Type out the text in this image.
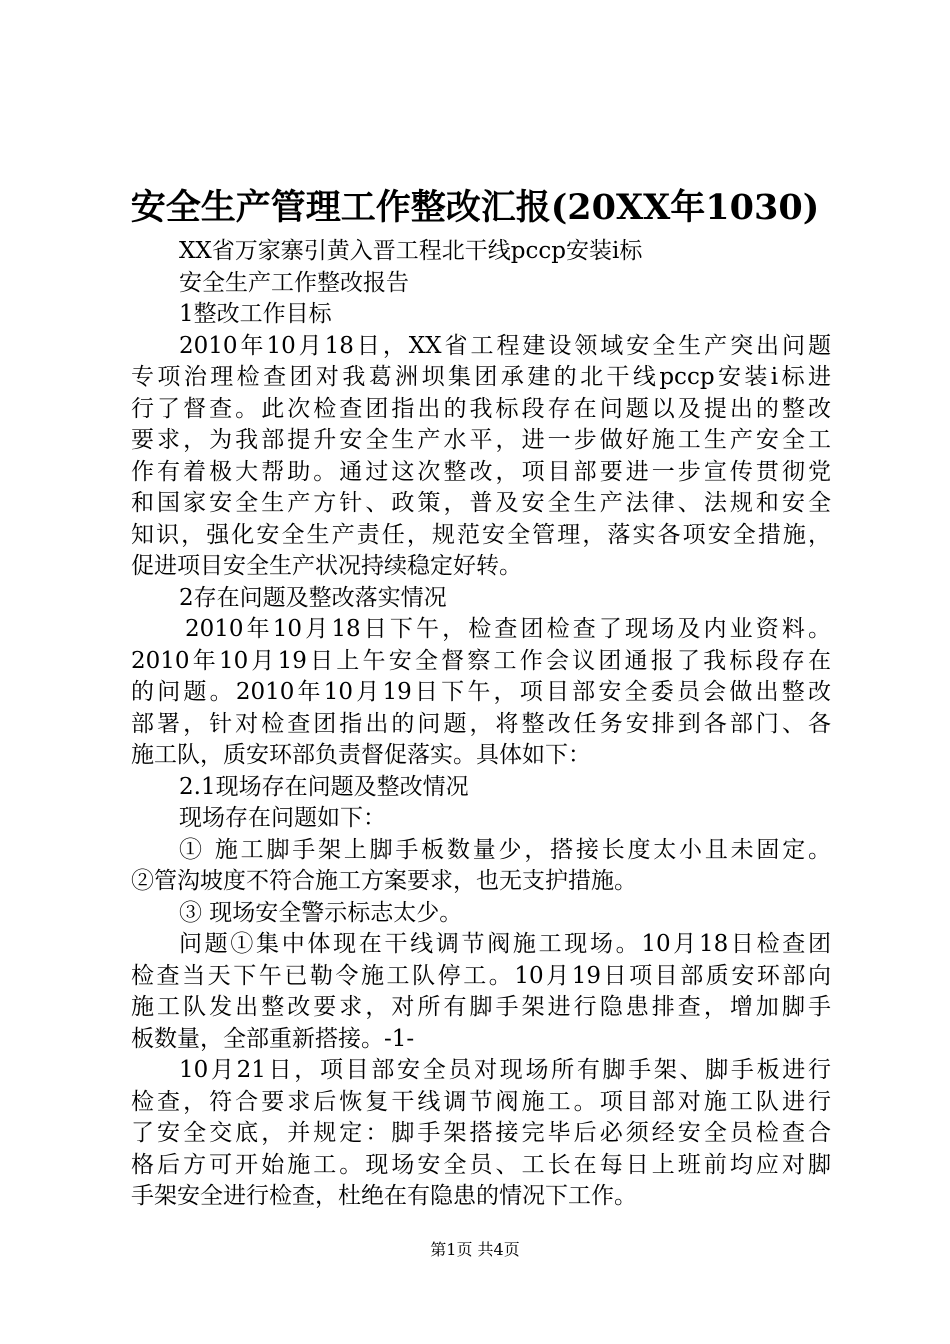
安全生产管理工作整改汇报(20XX年1030)
XX省万家寨引黄入晋工程北干线pccp安装i标
安全生产工作整改报告
1整改工作目标
2010年10月18日，XX省工程建设领域安全生产突出问题
专项治理检查团对我葛洲坝集团承建的北干线pccp安装i标进
行了督查。此次检查团指出的我标段存在问题以及提出的整改
要求，为我部提升安全生产水平，进一步做好施工生产安全工
作有着极大帮助。通过这次整改，项目部要进一步宣传贯彻党
和国家安全生产方针、政策，普及安全生产法律、法规和安全
知识，强化安全生产责任，规范安全管理，落实各项安全措施，
促进项目安全生产状况持续稳定好转。
2存在问题及整改落实情况
2010年10月18日下午，检查团检查了现场及内业资料。
2010年10月19日上午安全督察工作会议团通报了我标段存在
的问题。2010年10月19日下午，项目部安全委员会做出整改
部署，针对检查团指出的问题，将整改任务安排到各部门、各
施工队，质安环部负责督促落实。具体如下：
2.1现场存在问题及整改情况
现场存在问题如下：
① 施工脚手架上脚手板数量少，搭接长度太小且未固定。
②管沟坡度不符合施工方案要求，也无支护措施。
③ 现场安全警示标志太少。
问题①集中体现在干线调节阀施工现场。10月18日检查团
检查当天下午已勒令施工队停工。10月19日项目部质安环部向
施工队发出整改要求，对所有脚手架进行隐患排查，增加脚手
板数量，全部重新搭接。-1-
10月21日，项目部安全员对现场所有脚手架、脚手板进行
检查，符合要求后恢复干线调节阀施工。项目部对施工队进行
了安全交底，并规定：脚手架搭接完毕后必须经安全员检查合
格后方可开始施工。现场安全员、工长在每日上班前均应对脚
手架安全进行检查，杜绝在有隐患的情况下工作。
第1页 共4页
